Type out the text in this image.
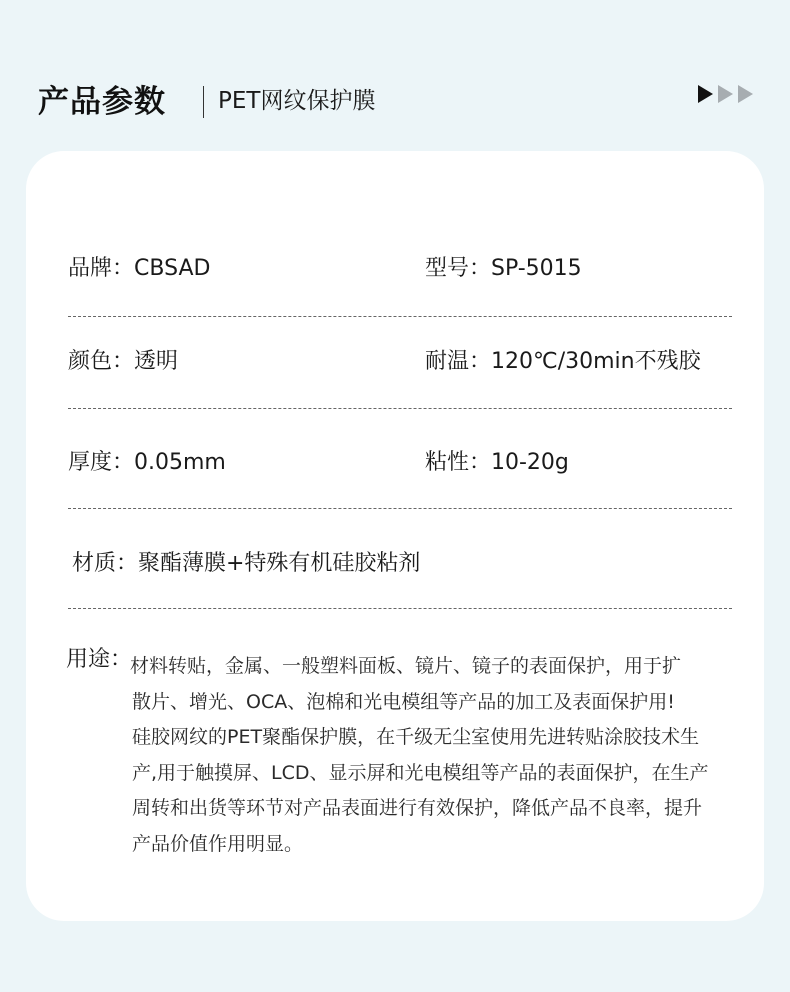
产品参数 PET网纹保护膜
品牌：CBSAD	型号：SP-5015
颜色：透明	耐温：120℃/30min不残胶
厚度：0.05mm	粘性：10-20g
材质：聚酯薄膜+特殊有机硅胶粘剂
用途：

材料转贴，金属、一般塑料面板、镜片、镜子的表面保护，用于扩

散片、增光、OCA、泡棉和光电模组等产品的加工及表面保护用!

硅胶网纹的PET聚酯保护膜，在千级无尘室使用先进转贴涂胶技术生

产,用于触摸屏、LCD、显示屏和光电模组等产品的表面保护，在生产

周转和出货等环节对产品表面进行有效保护，降低产品不良率，提升

产品价值作用明显。
